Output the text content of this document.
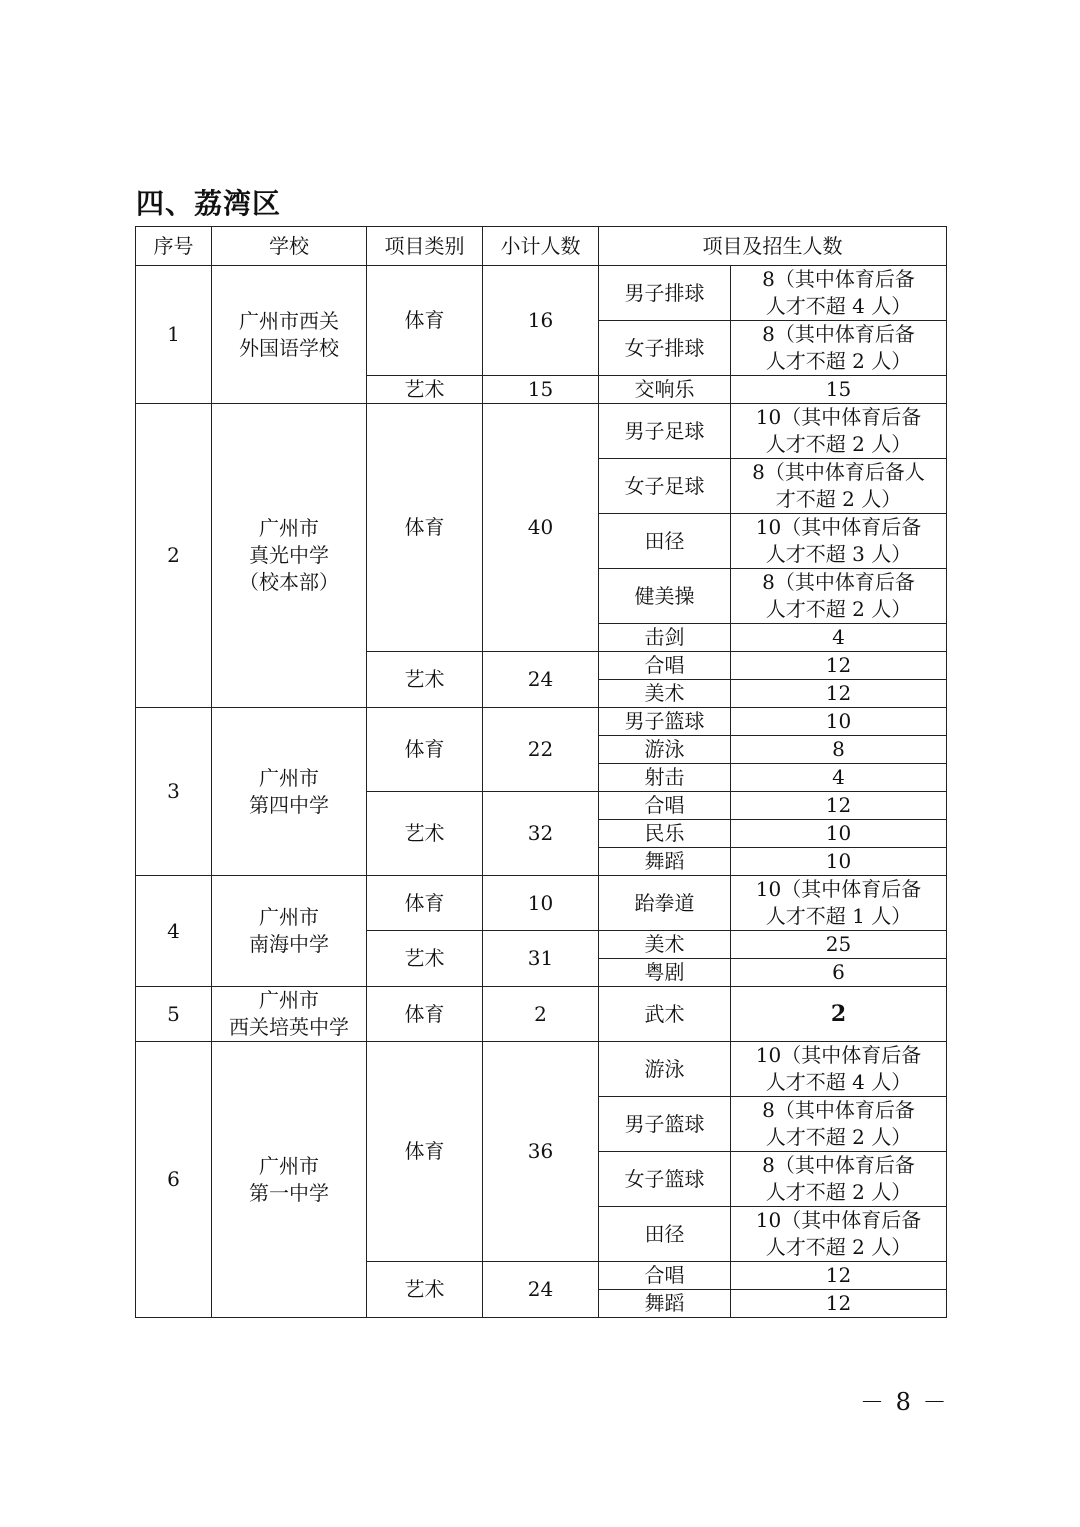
四、荔湾区
序号	学校	项目类别	小计人数	项目及招生人数	
1	广州市西关
外国语学校	体育	16	男子排球	8（其中体育后备
人才不超 4 人）

				女子排球	8（其中体育后备
人才不超 2 人）

		艺术	15	交响乐	15

2	广州市
真光中学
（校本部）	体育	40	男子足球	10（其中体育后备
人才不超 2 人）

				女子足球	8（其中体育后备人
才不超 2 人）

				田径	10（其中体育后备
人才不超 3 人）

				健美操	8（其中体育后备
人才不超 2 人）

				击剑	4

		艺术	24	合唱	12

				美术	12

3	广州市
第四中学	体育	22	男子篮球	10

				游泳	8

				射击	4

		艺术	32	合唱	12

				民乐	10

				舞蹈	10

4	广州市
南海中学	体育	10	跆拳道	10（其中体育后备
人才不超 1 人）

		艺术	31	美术	25

				粤剧	6

5	广州市
西关培英中学	体育	2	武术	2

6	广州市
第一中学	体育	36	游泳	10（其中体育后备
人才不超 4 人）

				男子篮球	8（其中体育后备
人才不超 2 人）

				女子篮球	8（其中体育后备
人才不超 2 人）

				田径	10（其中体育后备
人才不超 2 人）

		艺术	24	合唱	12

				舞蹈	12
－ 8 －
